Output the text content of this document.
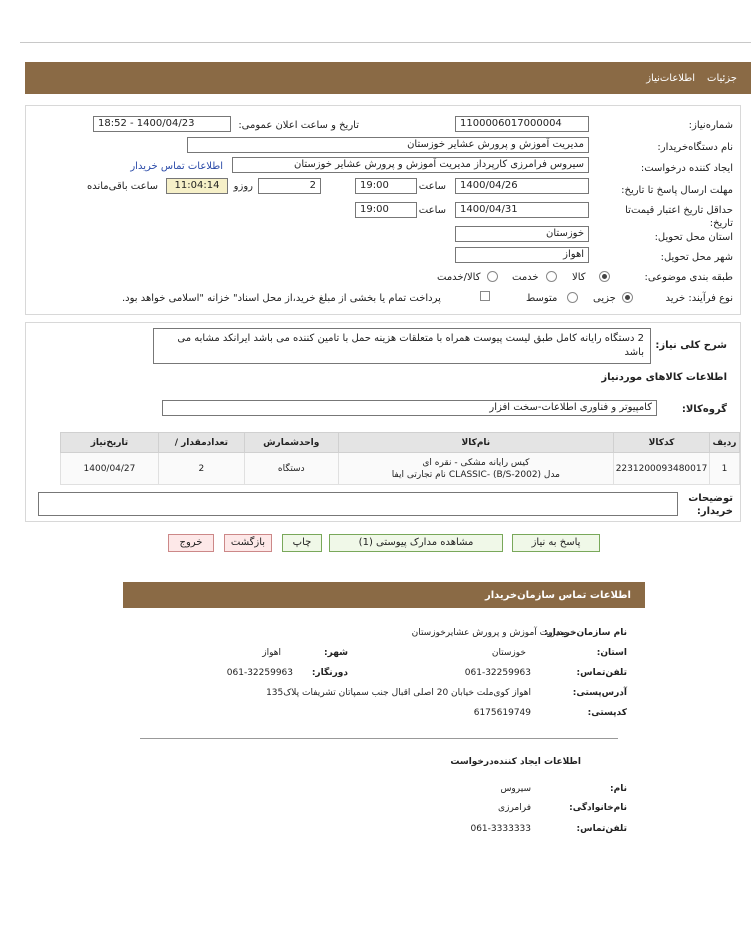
جزئیات
اطلاعات‌نیاز
شماره‌نیاز:
1100006017000004
تاریخ و ساعت اعلان عمومی:
1400/04/23 - 18:52
نام دستگاه‌خریدار:
مدیریت آموزش و پرورش عشایر خوزستان
ایجاد کننده درخواست:
سیروس فرامرزی کارپرداز مدیریت آموزش و پرورش عشایر خوزستان
اطلاعات تماس خریدار
مهلت ارسال پاسخ تا تاریخ:
1400/04/26
ساعت
19:00
2
روزو
11:04:14
ساعت باقی‌مانده
حداقل تاریخ اعتبار قیمت‌تا تاریخ:
1400/04/31
ساعت
19:00
استان محل تحویل:
خوزستان
شهر محل تحویل:
اهواز
طبقه بندی موضوعی:
کالا
خدمت
کالا/خدمت
نوع فرآیند: خرید
جزیی
متوسط
پرداخت تمام یا بخشی از مبلغ خرید،از محل اسناد" خزانه "اسلامی خواهد بود.
شرح کلی نیاز:
2 دستگاه رایانه کامل طبق لیست پیوست همراه با متعلقات هزینه حمل با تامین کننده می باشد ایرانکد مشابه می باشد
اطلاعات کالاهای موردنیاز
گروه‌کالا:
کامپیوتر و فناوری اطلاعات-سخت افزار
ردیف	کدکالا	نام‌کالا	واحدشمارش	تعدادمقدار /	تاریخ‌نیاز
1	2231200093480017	کیس رایانه مشکی - نقره ای
مدل (B/S-2002) -CLASSIC نام تجارتی ایفا	دستگاه	2	1400/04/27
توضیحات خریدار:
پاسخ به نیاز
مشاهده مدارک پیوستی (1)
چاپ
بازگشت
خروج
اطلاعات تماس سازمان‌خریدار
نام سازمان‌خریدار:
مدیریت آموزش و پرورش عشایرخوزستان
استان:
خوزستان
شهر:
اهواز
تلفن‌تماس:
061-32259963
دورنگار:
061-32259963
آدرس‌پستی:
اهواز کوی‌ملت خیابان 20 اصلی اقبال جنب سمپاتان تشریفات پلاک135
کدپستی:
6175619749
اطلاعات ایجاد کننده‌درخواست
نام:
سیروس
نام‌خانوادگی:
فرامرزی
تلفن‌تماس:
061-3333333
